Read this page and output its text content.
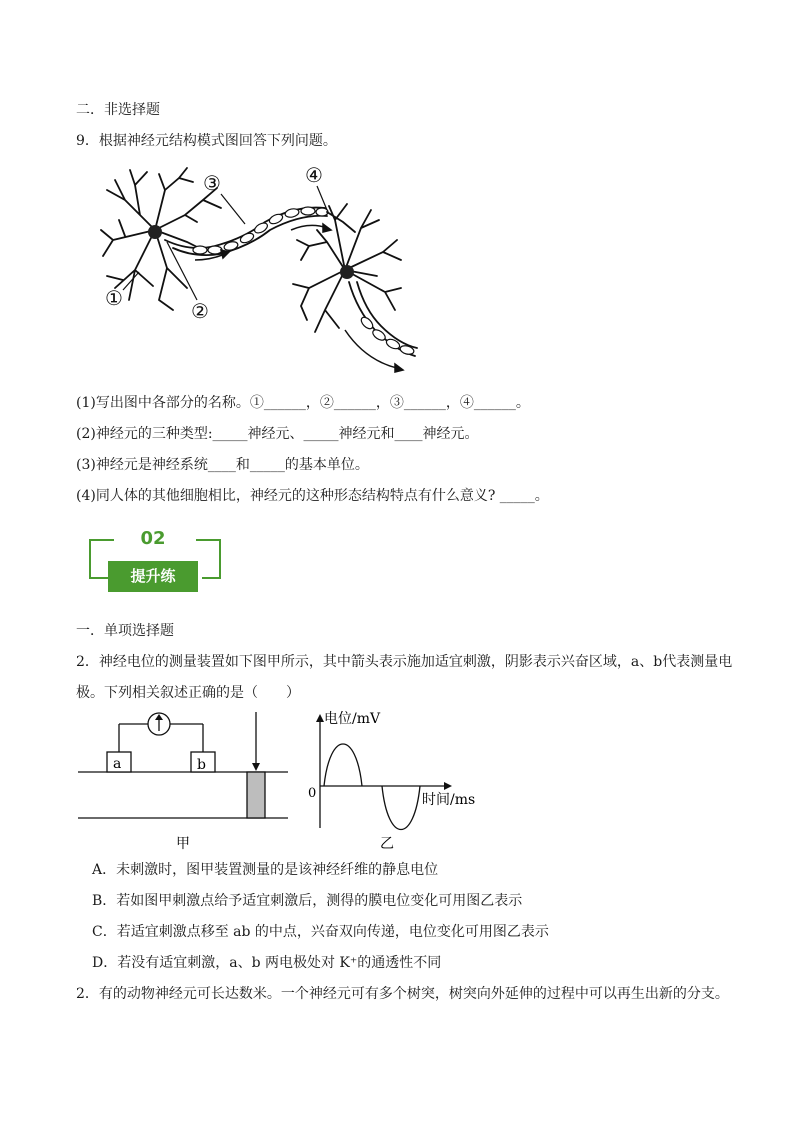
二．非选择题
9．根据神经元结构模式图回答下列问题。
①
②
③	④
(1)写出图中各部分的名称。①______，②______，③______，④______。
(2)神经元的三种类型:_____神经元、_____神经元和____神经元。
(3)神经元是神经系统____和_____的基本单位。
(4)同人体的其他细胞相比，神经元的这种形态结构特点有什么意义? _____。
02
提升练
一．单项选择题
2．神经电位的测量装置如下图甲所示，其中箭头表示施加适宜刺激，阴影表示兴奋区域，a、b代表测量电
极。下列相关叙述正确的是（　　）
a	b
甲
电位/mV
时间/ms
0
乙
A．未刺激时，图甲装置测量的是该神经纤维的静息电位
B．若如图甲刺激点给予适宜刺激后，测得的膜电位变化可用图乙表示
C．若适宜刺激点移至 ab 的中点，兴奋双向传递，电位变化可用图乙表示
D．若没有适宜刺激，a、b 两电极处对 K⁺的通透性不同
2．有的动物神经元可长达数米。一个神经元可有多个树突，树突向外延伸的过程中可以再生出新的分支。
